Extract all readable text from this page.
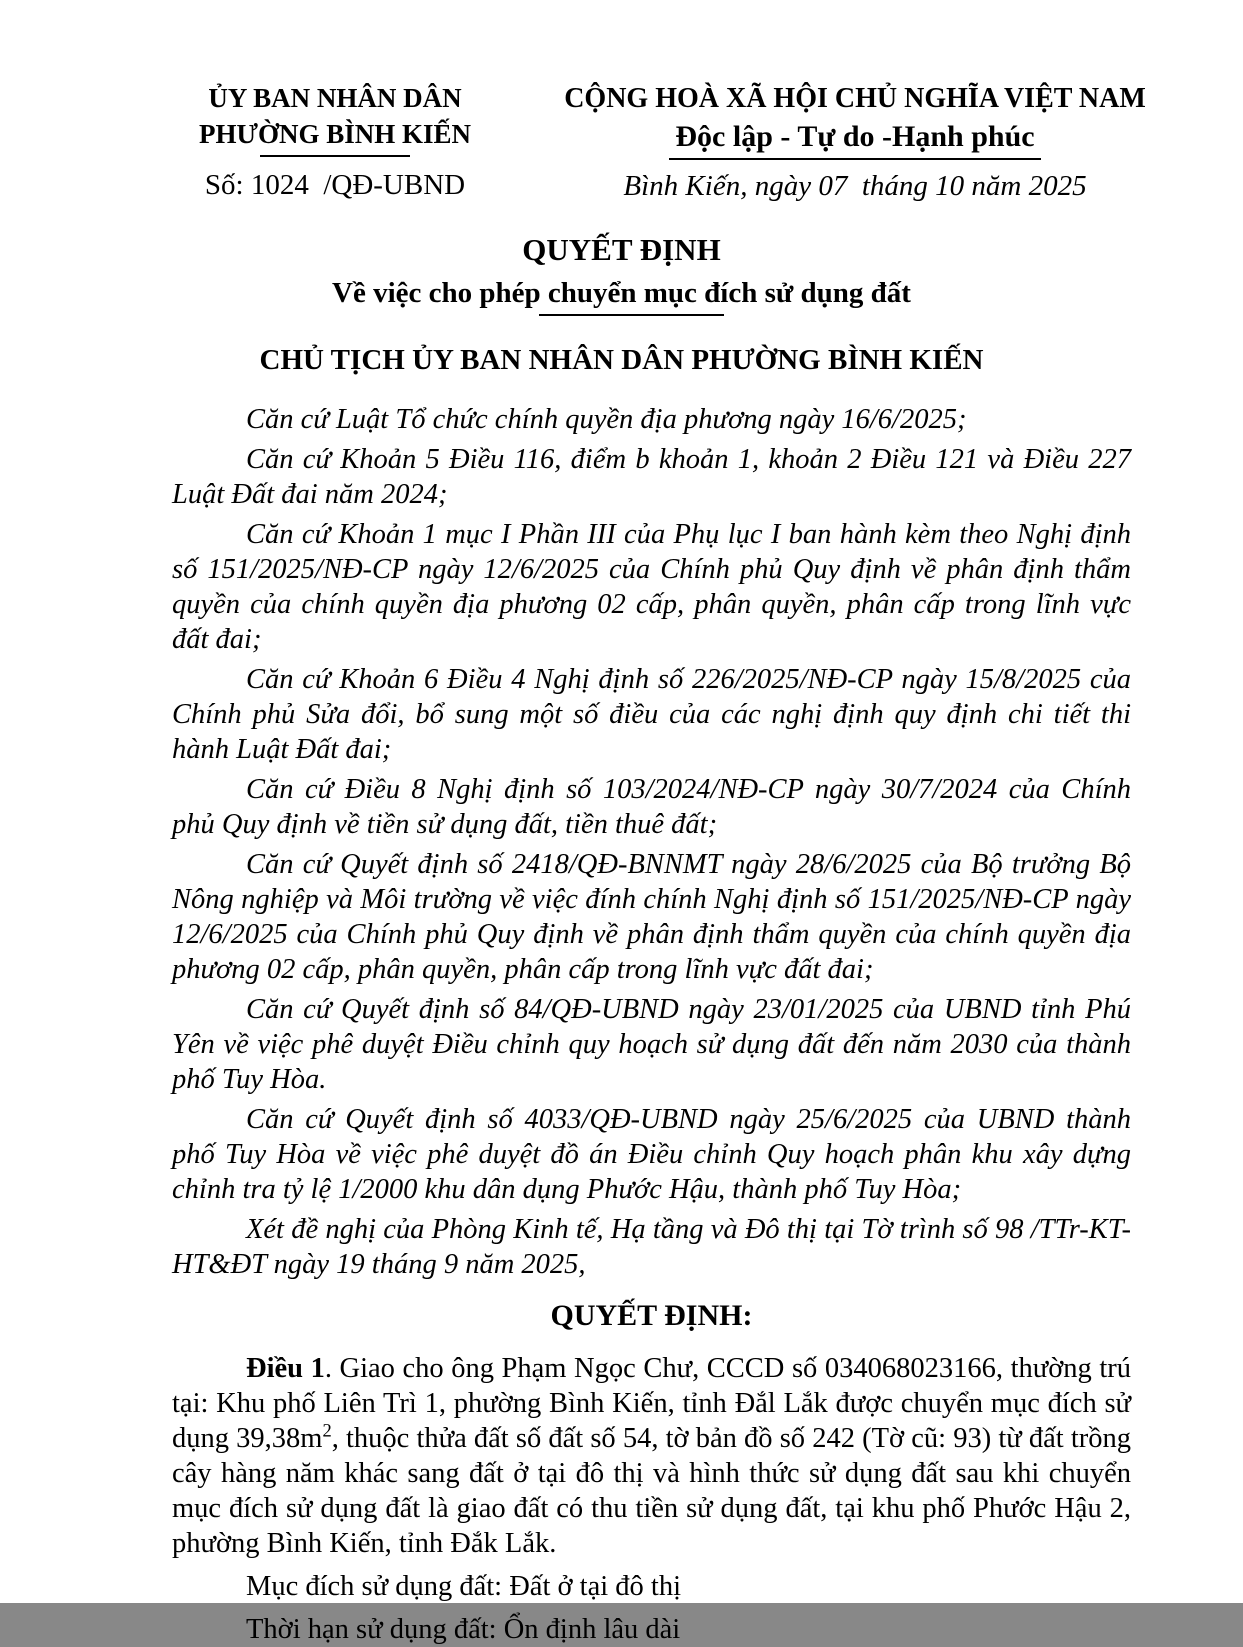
ỦY BAN NHÂN DÂN
PHƯỜNG BÌNH KIẾN
Số: 1024  /QĐ-UBND
CỘNG HOÀ XÃ HỘI CHỦ NGHĨA VIỆT NAM
Độc lập - Tự do -Hạnh phúc
Bình Kiến, ngày 07  tháng 10 năm 2025
QUYẾT ĐỊNH
Về việc cho phép chuyển mục đích sử dụng đất
CHỦ TỊCH ỦY BAN NHÂN DÂN PHƯỜNG BÌNH KIẾN

Căn cứ Luật Tổ chức chính quyền địa phương ngày 16/6/2025;

Căn cứ Khoản 5 Điều 116, điểm b khoản 1, khoản 2 Điều 121 và Điều 227 Luật Đất đai năm 2024;

Căn cứ Khoản 1 mục I Phần III của Phụ lục I ban hành kèm theo Nghị định số 151/2025/NĐ-CP ngày 12/6/2025 của Chính phủ Quy định về phân định thẩm quyền của chính quyền địa phương 02 cấp, phân quyền, phân cấp trong lĩnh vực đất đai;

Căn cứ Khoản 6 Điều 4 Nghị định số 226/2025/NĐ-CP ngày 15/8/2025 của Chính phủ Sửa đổi, bổ sung một số điều của các nghị định quy định chi tiết thi hành Luật Đất đai;

Căn cứ Điều 8 Nghị định số 103/2024/NĐ-CP ngày 30/7/2024 của Chính phủ Quy định về tiền sử dụng đất, tiền thuê đất;

Căn cứ Quyết định số 2418/QĐ-BNNMT ngày 28/6/2025 của Bộ trưởng Bộ Nông nghiệp và Môi trường về việc đính chính Nghị định số 151/2025/NĐ-CP ngày 12/6/2025 của Chính phủ Quy định về phân định thẩm quyền của chính quyền địa phương 02 cấp, phân quyền, phân cấp trong lĩnh vực đất đai;

Căn cứ Quyết định số 84/QĐ-UBND ngày 23/01/2025 của UBND tỉnh Phú Yên về việc phê duyệt Điều chỉnh quy hoạch sử dụng đất đến năm 2030 của thành phố Tuy Hòa.

Căn cứ Quyết định số 4033/QĐ-UBND ngày 25/6/2025 của UBND thành phố Tuy Hòa về việc phê duyệt đồ án Điều chỉnh Quy hoạch phân khu xây dựng chỉnh tra tỷ lệ 1/2000 khu dân dụng Phước Hậu, thành phố Tuy Hòa;

Xét đề nghị của Phòng Kinh tế, Hạ tầng và Đô thị tại Tờ trình số 98 /TTr-KT-HT&ĐT ngày 19 tháng 9 năm 2025,

QUYẾT ĐỊNH:

Điều 1. Giao cho ông Phạm Ngọc Chư, CCCD số 034068023166, thường trú tại: Khu phố Liên Trì 1, phường Bình Kiến, tỉnh Đắl Lắk được chuyển mục đích sử dụng $39,38m^2$, thuộc thửa đất số đất số 54, tờ bản đồ số 242 (Tờ cũ: 93) từ đất trồng cây hàng năm khác sang đất ở tại đô thị và hình thức sử dụng đất sau khi chuyển mục đích sử dụng đất là giao đất có thu tiền sử dụng đất, tại khu phố Phước Hậu 2, phường Bình Kiến, tỉnh Đắk Lắk.

Mục đích sử dụng đất: Đất ở tại đô thị
Thời hạn sử dụng đất: Ổn định lâu dài
